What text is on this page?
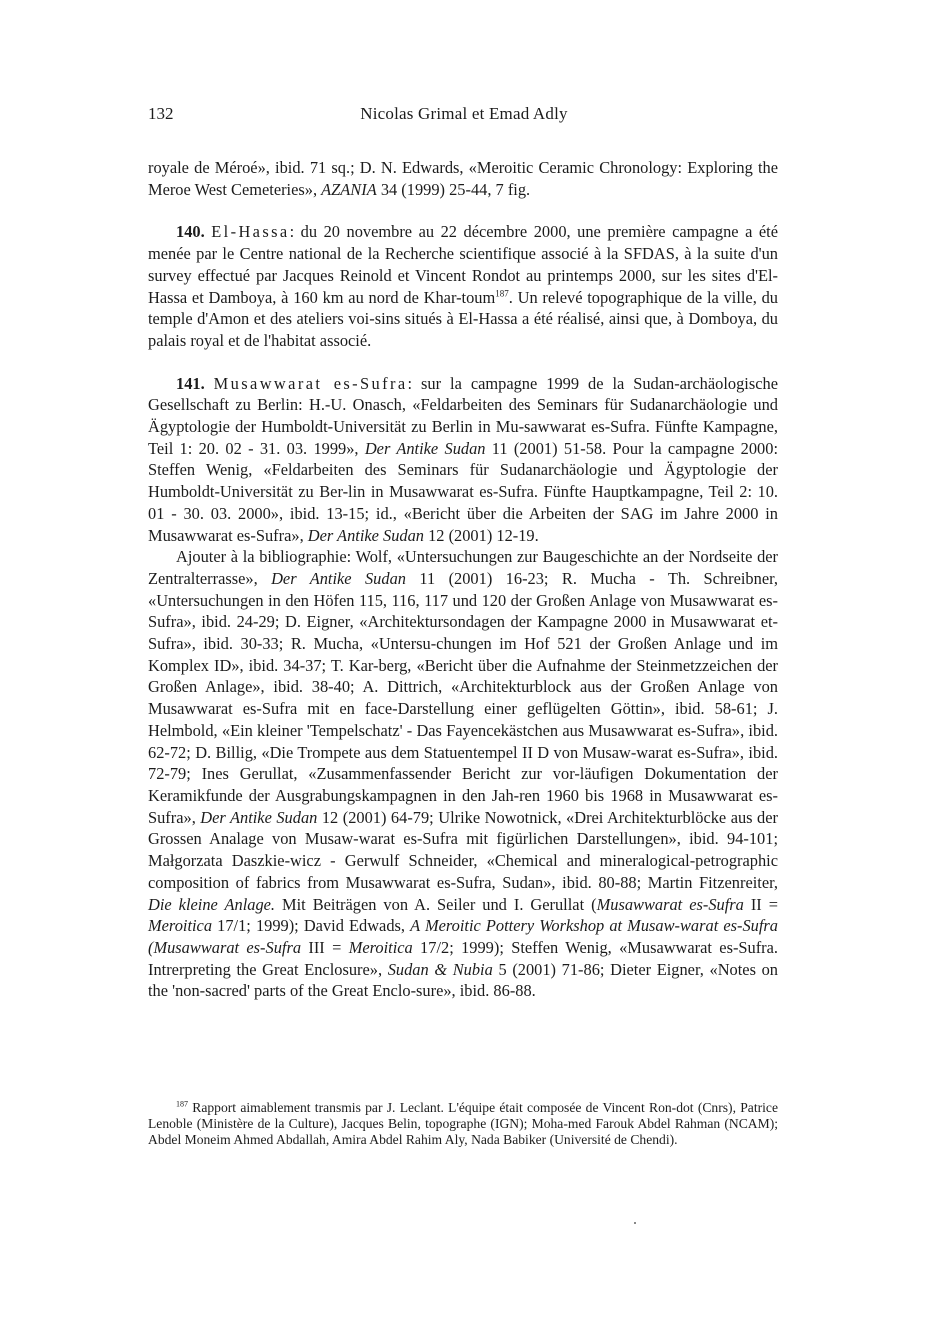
132	Nicolas Grimal et Emad Adly

royale de Méroé», ibid. 71 sq.; D. N. Edwards, «Meroitic Ceramic Chronology: Exploring the Meroe West Cemeteries», AZANIA 34 (1999) 25-44, 7 fig.

140. El-Hassa: du 20 novembre au 22 décembre 2000, une première campagne a été menée par le Centre national de la Recherche scientifique associé à la SFDAS, à la suite d'un survey effectué par Jacques Reinold et Vincent Rondot au printemps 2000, sur les sites d'El-Hassa et Damboya, à 160 km au nord de Khar-toum$^{187}$. Un relevé topographique de la ville, du temple d'Amon et des ateliers voi-sins situés à El-Hassa a été réalisé, ainsi que, à Domboya, du palais royal et de l'habitat associé.

141. Musawwarat es-Sufra: sur la campagne 1999 de la Sudan-archäologische Gesellschaft zu Berlin: H.-U. Onasch, «Feldarbeiten des Seminars für Sudanarchäologie und Ägyptologie der Humboldt-Universität zu Berlin in Mu-sawwarat es-Sufra. Fünfte Kampagne, Teil 1: 20. 02 - 31. 03. 1999», Der Antike Sudan 11 (2001) 51-58. Pour la campagne 2000: Steffen Wenig, «Feldarbeiten des Seminars für Sudanarchäologie und Ägyptologie der Humboldt-Universität zu Ber-lin in Musawwarat es-Sufra. Fünfte Hauptkampagne, Teil 2: 10. 01 - 30. 03. 2000», ibid. 13-15; id., «Bericht über die Arbeiten der SAG im Jahre 2000 in Musawwarat es-Sufra», Der Antike Sudan 12 (2001) 12-19.

Ajouter à la bibliographie: Wolf, «Untersuchungen zur Baugeschichte an der Nordseite der Zentralterrasse», Der Antike Sudan 11 (2001) 16-23; R. Mucha - Th. Schreibner, «Untersuchungen in den Höfen 115, 116, 117 und 120 der Großen Anlage von Musawwarat es-Sufra», ibid. 24-29; D. Eigner, «Architektursondagen der Kampagne 2000 in Musawwarat et-Sufra», ibid. 30-33; R. Mucha, «Untersu-chungen im Hof 521 der Großen Anlage und im Komplex ID», ibid. 34-37; T. Kar-berg, «Bericht über die Aufnahme der Steinmetzzeichen der Großen Anlage», ibid. 38-40; A. Dittrich, «Architekturblock aus der Großen Anlage von Musawwarat es-Sufra mit en face-Darstellung einer geflügelten Göttin», ibid. 58-61; J. Helmbold, «Ein kleiner 'Tempelschatz' - Das Fayencekästchen aus Musawwarat es-Sufra», ibid. 62-72; D. Billig, «Die Trompete aus dem Statuentempel II D von Musaw-warat es-Sufra», ibid. 72-79; Ines Gerullat, «Zusammenfassender Bericht zur vor-läufigen Dokumentation der Keramikfunde der Ausgrabungskampagnen in den Jah-ren 1960 bis 1968 in Musawwarat es-Sufra», Der Antike Sudan 12 (2001) 64-79; Ulrike Nowotnick, «Drei Architekturblöcke aus der Grossen Analage von Musaw-warat es-Sufra mit figürlichen Darstellungen», ibid. 94-101; Małgorzata Daszkie-wicz - Gerwulf Schneider, «Chemical and mineralogical-petrographic composition of fabrics from Musawwarat es-Sufra, Sudan», ibid. 80-88; Martin Fitzenreiter, Die kleine Anlage. Mit Beiträgen von A. Seiler und I. Gerullat (Musawwarat es-Sufra II = Meroitica 17/1; 1999); David Edwads, A Meroitic Pottery Workshop at Musaw-warat es-Sufra (Musawwarat es-Sufra III = Meroitica 17/2; 1999); Steffen Wenig, «Musawwarat es-Sufra. Intrerpreting the Great Enclosure», Sudan & Nubia 5 (2001) 71-86; Dieter Eigner, «Notes on the 'non-sacred' parts of the Great Enclo-sure», ibid. 86-88.

$^{187}$ Rapport aimablement transmis par J. Leclant. L'équipe était composée de Vincent Ron-dot (Cnrs), Patrice Lenoble (Ministère de la Culture), Jacques Belin, topographe (IGN); Moha-med Farouk Abdel Rahman (NCAM); Abdel Moneim Ahmed Abdallah, Amira Abdel Rahim Aly, Nada Babiker (Université de Chendi).
